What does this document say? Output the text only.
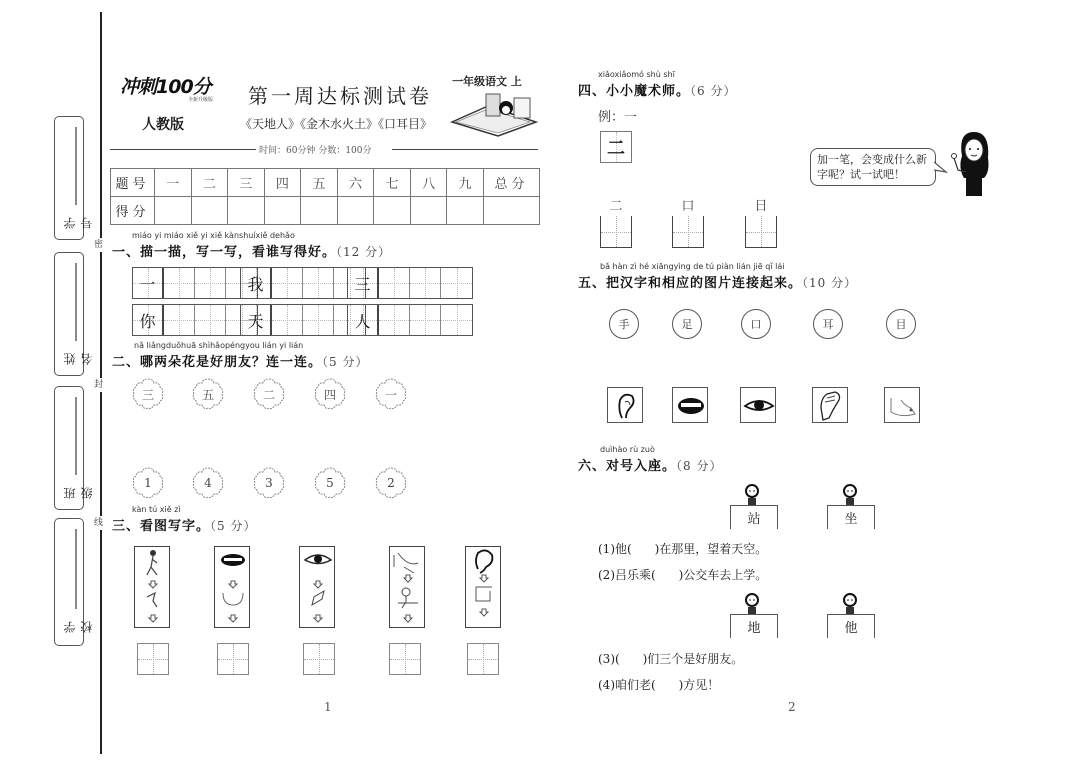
密
封
线
学号
姓名
班级
学校
冲刺100分
全新升级版
人教版
第一周达标测试卷
《天地人》《金木水火土》《口耳目》
一年级语文 上
时间：60分钟 分数：100分
题号	一	二	三	四	五	六	七	八	九	总分
得分										
miáo yi miáo xiě yi xiě kànshuíxiě dehǎo
一、描一描，写一写，看谁写得好。（12 分）
一	我	三
你	天	人
nǎ liǎngduǒhuā shìhǎopéngyou lián yi lián
二、哪两朵花是好朋友？连一连。（5 分）
三	五	二	四	一
1	4	3	5	2
kàn tú xiě zì
三、看图写字。（5 分）
1
xiǎoxiǎomó shù shī
四、小小魔术师。（6 分）
例：一
二
二	口	日
加一笔，会变成什么新字呢？试一试吧！
bǎ hàn zì hé xiāngyìng de tú piàn lián jiē qǐ lái
五、把汉字和相应的图片连接起来。（10 分）
手	足	口	耳	目
duìhào rù zuò
六、对号入座。（8 分）
站	坐
(1)他(      )在那里，望着天空。
(2)吕乐乘(      )公交车去上学。
地	他
(3)(      )们三个是好朋友。
(4)咱们老(      )方见！
2
